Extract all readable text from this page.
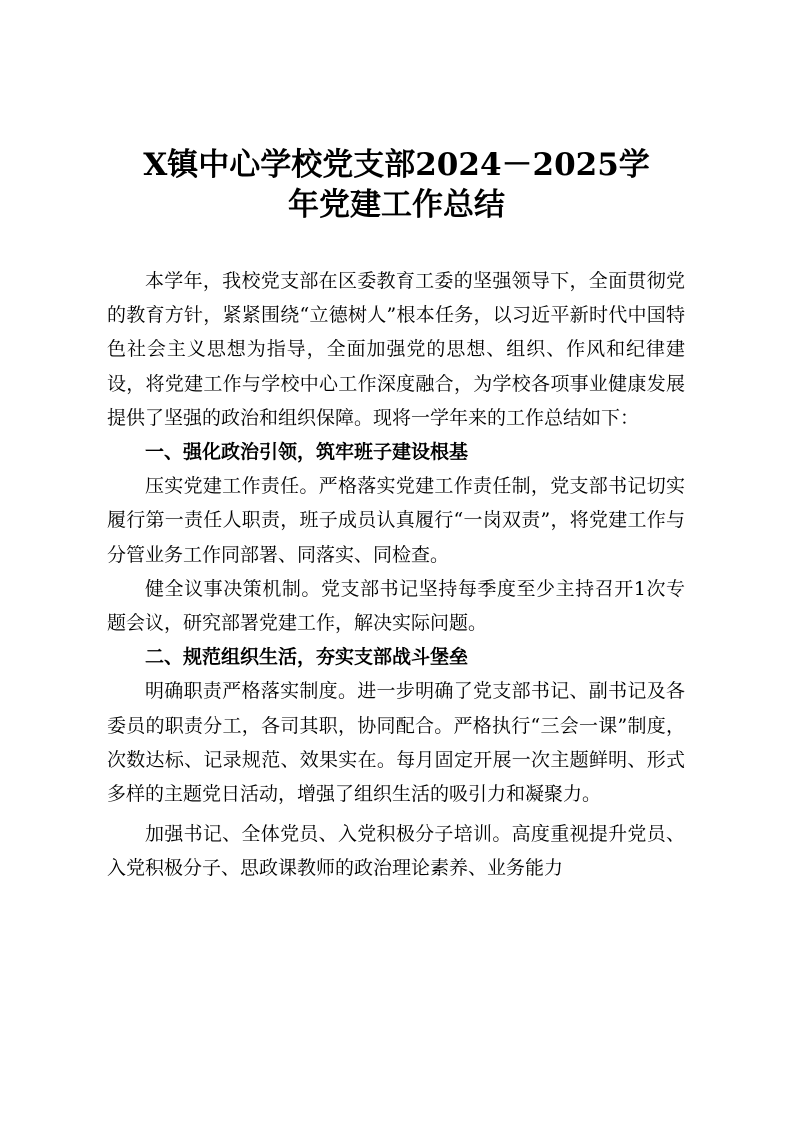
X镇中心学校党支部2024－2025学
年党建工作总结

本学年，我校党支部在区委教育工委的坚强领导下，全面贯彻党的教育方针，紧紧围绕“立德树人”根本任务，以习近平新时代中国特色社会主义思想为指导，全面加强党的思想、组织、作风和纪律建设，将党建工作与学校中心工作深度融合，为学校各项事业健康发展提供了坚强的政治和组织保障。现将一学年来的工作总结如下：

一、强化政治引领，筑牢班子建设根基

压实党建工作责任。严格落实党建工作责任制，党支部书记切实履行第一责任人职责，班子成员认真履行“一岗双责”，将党建工作与分管业务工作同部署、同落实、同检查。

健全议事决策机制。党支部书记坚持每季度至少主持召开1次专题会议，研究部署党建工作，解决实际问题。

二、规范组织生活，夯实支部战斗堡垒

明确职责严格落实制度。进一步明确了党支部书记、副书记及各委员的职责分工，各司其职，协同配合。严格执行“三会一课”制度，次数达标、记录规范、效果实在。每月固定开展一次主题鲜明、形式多样的主题党日活动，增强了组织生活的吸引力和凝聚力。

加强书记、全体党员、入党积极分子培训。高度重视提升党员、入党积极分子、思政课教师的政治理论素养、业务能力
